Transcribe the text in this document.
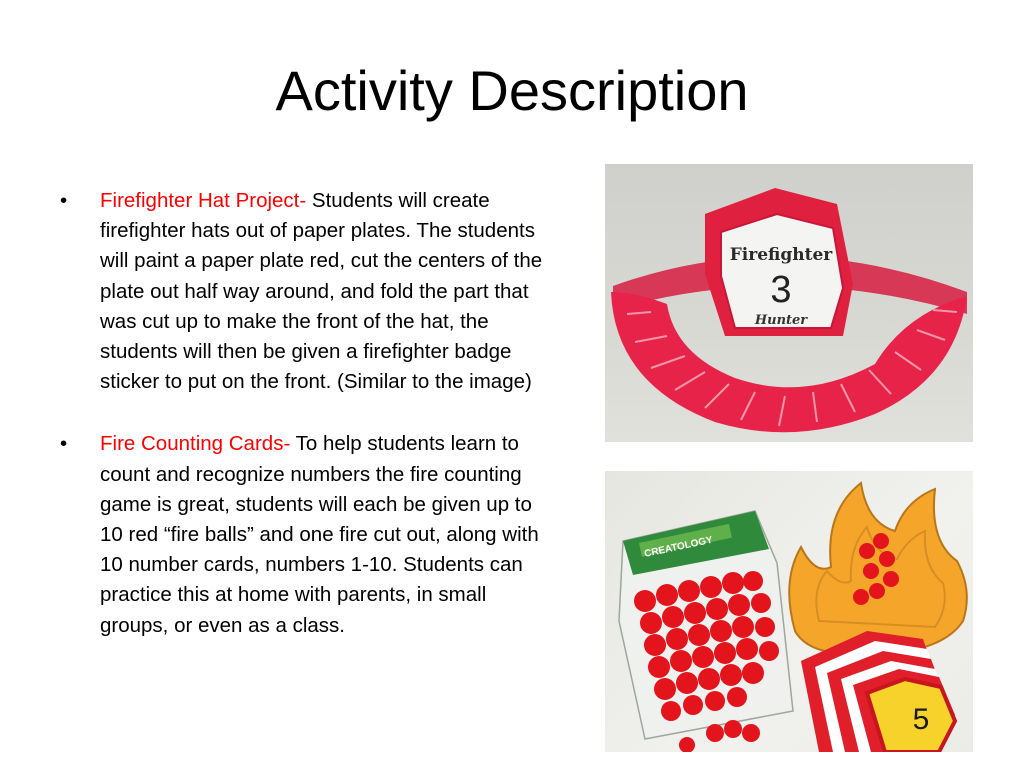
Activity Description
•	Firefighter Hat Project- Students will create firefighter hats out of paper plates. The students will paint a paper plate red, cut the centers of the plate out half way around, and fold the part that was cut up to make the front of the hat, the students will then be given a firefighter badge sticker to put on the front. (Similar to the image)
•	Fire Counting Cards- To help students learn to count and recognize numbers the fire counting game is great, students will each be given up to 10 red “fire balls” and one fire cut out, along with 10 number cards, numbers 1-10. Students can practice this at home with parents, in small groups, or even as a class.
Firefighter
3
Hunter
CREATOLOGY
5
